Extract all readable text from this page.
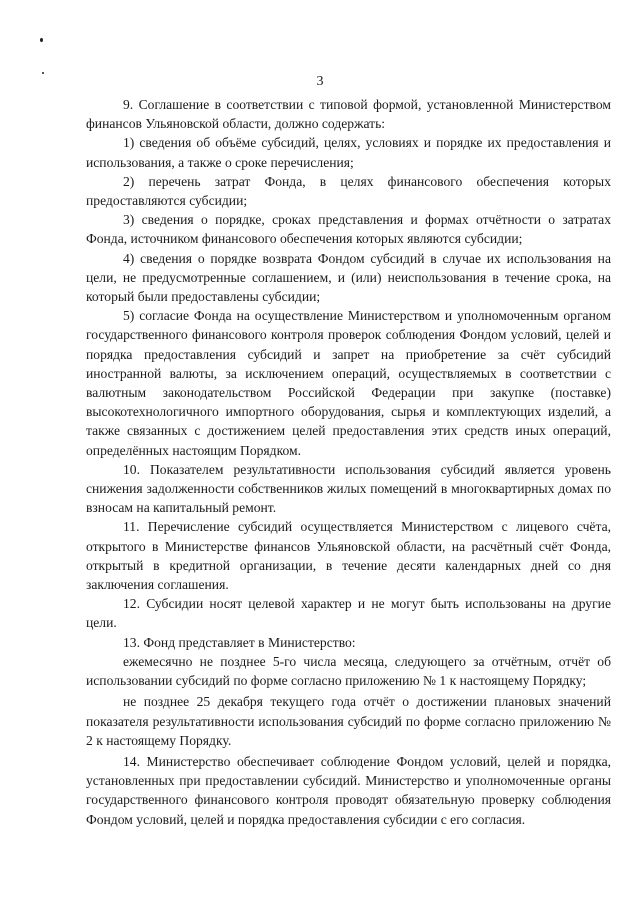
3

9. Соглашение в соответствии с типовой формой, установленной Министерством финансов Ульяновской области, должно содержать:

1) сведения об объёме субсидий, целях, условиях и порядке их предоставления и использования, а также о сроке перечисления;

2) перечень затрат Фонда, в целях финансового обеспечения которых предоставляются субсидии;

3) сведения о порядке, сроках представления и формах отчётности о затратах Фонда, источником финансового обеспечения которых являются субсидии;

4) сведения о порядке возврата Фондом субсидий в случае их использования на цели, не предусмотренные соглашением, и (или) неиспользования в течение срока, на который были предоставлены субсидии;

5) согласие Фонда на осуществление Министерством и уполномоченным органом государственного финансового контроля проверок соблюдения Фондом условий, целей и порядка предоставления субсидий и запрет на приобретение за счёт субсидий иностранной валюты, за исключением операций, осуществляемых в соответствии с валютным законодательством Российской Федерации при закупке (поставке) высокотехнологичного импортного оборудования, сырья и комплектующих изделий, а также связанных с достижением целей предоставления этих средств иных операций, определённых настоящим Порядком.

10. Показателем результативности использования субсидий является уровень снижения задолженности собственников жилых помещений в многоквартирных домах по взносам на капитальный ремонт.

11. Перечисление субсидий осуществляется Министерством с лицевого счёта, открытого в Министерстве финансов Ульяновской области, на расчётный счёт Фонда, открытый в кредитной организации, в течение десяти календарных дней со дня заключения соглашения.

12. Субсидии носят целевой характер и не могут быть использованы на другие цели.

13. Фонд представляет в Министерство:

ежемесячно не позднее 5-го числа месяца, следующего за отчётным, отчёт об использовании субсидий по форме согласно приложению № 1 к настоящему Порядку;

не позднее 25 декабря текущего года отчёт о достижении плановых значений показателя результативности использования субсидий по форме согласно приложению № 2 к настоящему Порядку.

14. Министерство обеспечивает соблюдение Фондом условий, целей и порядка, установленных при предоставлении субсидий. Министерство и уполномоченные органы государственного финансового контроля проводят обязательную проверку соблюдения Фондом условий, целей и порядка предоставления субсидии с его согласия.
